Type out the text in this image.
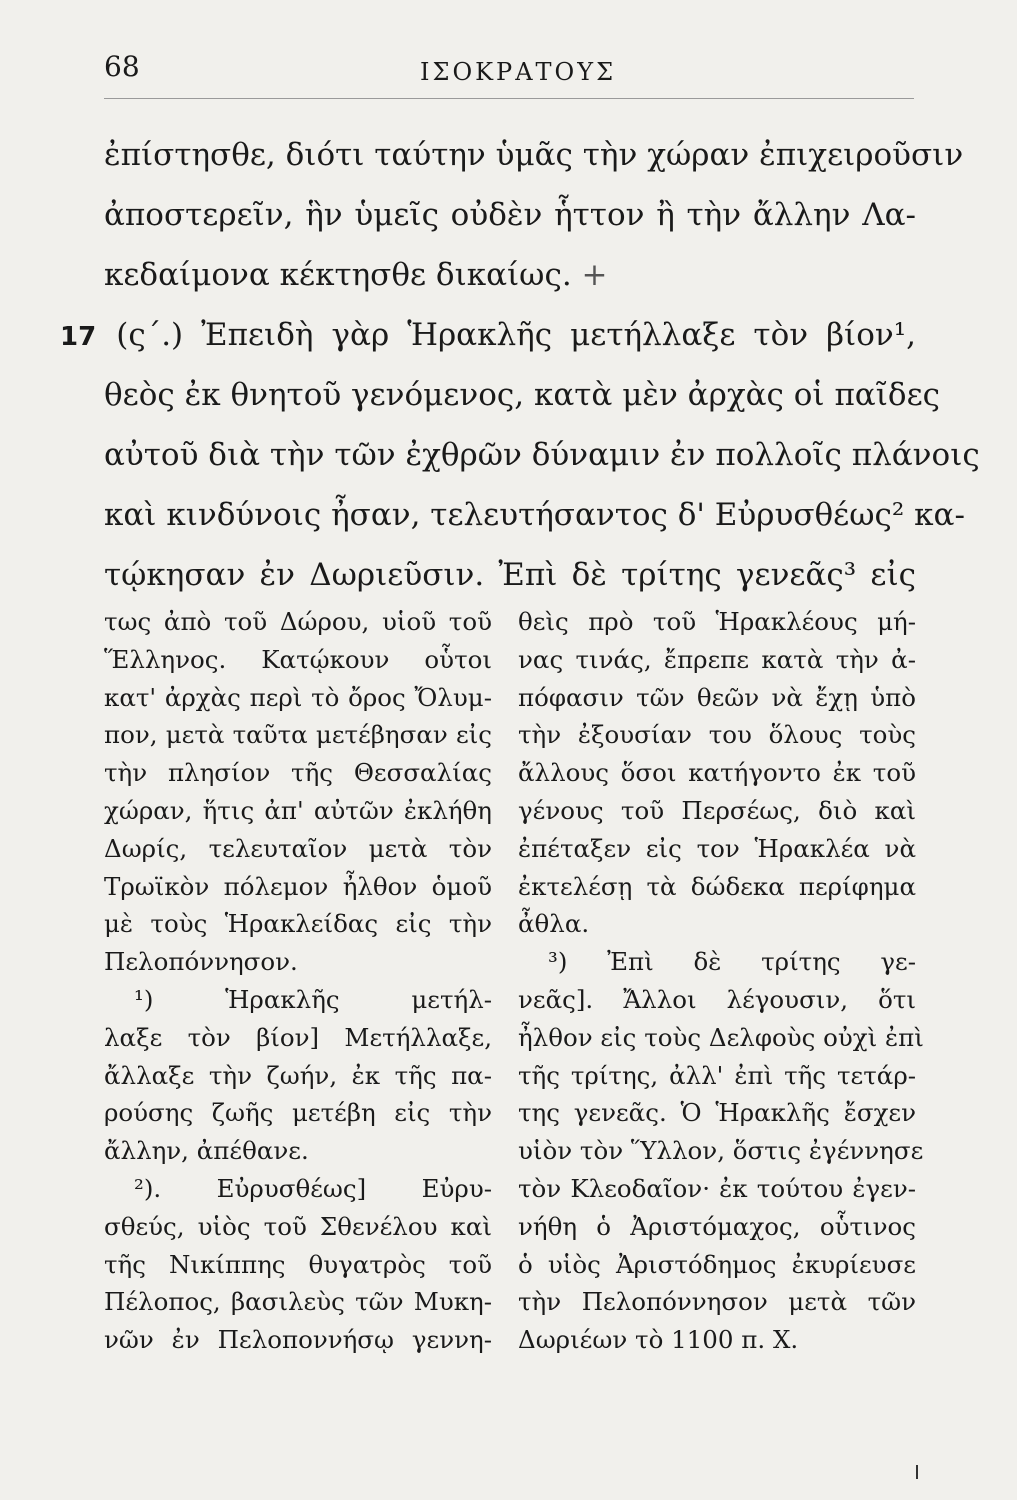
68	ΙΣΟΚΡΑΤΟΥΣ
ἐπίστησθε, διότι ταύτην ὑμᾶς τὴν χώραν ἐπιχειροῦσιν
ἀποστερεῖν, ἣν ὑμεῖς οὐδὲν ἧττον ἢ τὴν ἄλλην Λα-
κεδαίμονα κέκτησθε δικαίως. +
17 (ς΄.) Ἐπειδὴ γὰρ Ἡρακλῆς μετήλλαξε τὸν βίον¹,
θεὸς ἐκ θνητοῦ γενόμενος, κατὰ μὲν ἀρχὰς οἱ παῖδες
αὐτοῦ διὰ τὴν τῶν ἐχθρῶν δύναμιν ἐν πολλοῖς πλάνοις
καὶ κινδύνοις ἦσαν, τελευτήσαντος δ' Εὐρυσθέως² κα-
τῴκησαν ἐν Δωριεῦσιν. Ἐπὶ δὲ τρίτης γενεᾶς³ εἰς
τως ἀπὸ τοῦ Δώρου, υἱοῦ τοῦ
Ἕλληνος. Κατῴκουν οὗτοι
κατ' ἀρχὰς περὶ τὸ ὄρος Ὄλυμ-
πον, μετὰ ταῦτα μετέβησαν εἰς
τὴν πλησίον τῆς Θεσσαλίας
χώραν, ἥτις ἀπ' αὐτῶν ἐκλήθη
Δωρίς, τελευταῖον μετὰ τὸν
Τρωϊκὸν πόλεμον ἦλθον ὁμοῦ
μὲ τοὺς Ἡρακλείδας εἰς τὴν
Πελοπόννησον.
¹) Ἡρακλῆς μετήλ-
λαξε τὸν βίον] Μετήλλαξε,
ἄλλαξε τὴν ζωήν, ἐκ τῆς πα-
ρούσης ζωῆς μετέβη εἰς τὴν
ἄλλην, ἀπέθανε.
²). Εὐρυσθέως] Εὐρυ-
σθεύς, υἱὸς τοῦ Σθενέλου καὶ
τῆς Νικίππης θυγατρὸς τοῦ
Πέλοπος, βασιλεὺς τῶν Μυκη-
νῶν ἐν Πελοποννήσῳ γεννη-
θεὶς πρὸ τοῦ Ἡρακλέους μή-
νας τινάς, ἔπρεπε κατὰ τὴν ἀ-
πόφασιν τῶν θεῶν νὰ ἔχῃ ὑπὸ
τὴν ἐξουσίαν του ὅλους τοὺς
ἄλλους ὅσοι κατήγοντο ἐκ τοῦ
γένους τοῦ Περσέως, διὸ καὶ
ἐπέταξεν εἰς τον Ἡρακλέα νὰ
ἐκτελέσῃ τὰ δώδεκα περίφημα
ἆθλα.
³) Ἐπὶ δὲ τρίτης γε-
νεᾶς]. Ἄλλοι λέγουσιν, ὅτι
ἦλθον εἰς τοὺς Δελφοὺς οὐχὶ ἐπὶ
τῆς τρίτης, ἀλλ' ἐπὶ τῆς τετάρ-
της γενεᾶς. Ὁ Ἡρακλῆς ἔσχεν
υἱὸν τὸν Ὕλλον, ὅστις ἐγέννησε
τὸν Κλεοδαῖον· ἐκ τούτου ἐγεν-
νήθη ὁ Ἀριστόμαχος, οὗτινος
ὁ υἱὸς Ἀριστόδημος ἐκυρίευσε
τὴν Πελοπόννησον μετὰ τῶν
Δωριέων τὸ 1100 π. Χ.
